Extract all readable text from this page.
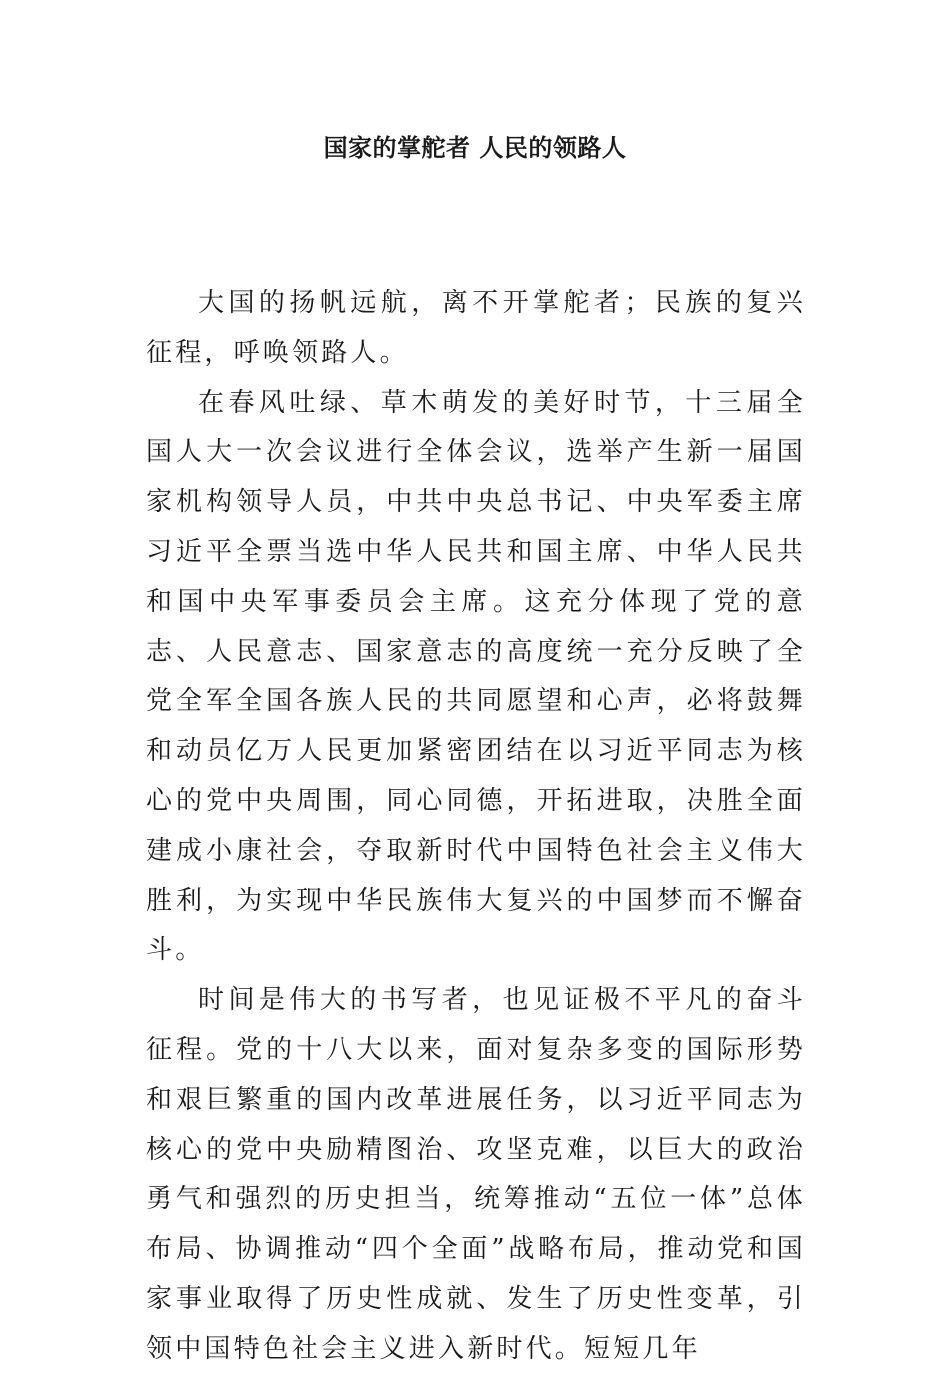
国家的掌舵者 人民的领路人

大国的扬帆远航，离不开掌舵者；民族的复兴征程，呼唤领路人。

在春风吐绿、草木萌发的美好时节，十三届全国人大一次会议进行全体会议，选举产生新一届国家机构领导人员，中共中央总书记、中央军委主席习近平全票当选中华人民共和国主席、中华人民共和国中央军事委员会主席。这充分体现了党的意志、人民意志、国家意志的高度统一充分反映了全党全军全国各族人民的共同愿望和心声，必将鼓舞和动员亿万人民更加紧密团结在以习近平同志为核心的党中央周围，同心同德，开拓进取，决胜全面建成小康社会，夺取新时代中国特色社会主义伟大胜利，为实现中华民族伟大复兴的中国梦而不懈奋斗。

时间是伟大的书写者，也见证极不平凡的奋斗征程。党的十八大以来，面对复杂多变的国际形势和艰巨繁重的国内改革进展任务，以习近平同志为核心的党中央励精图治、攻坚克难，以巨大的政治勇气和强烈的历史担当，统筹推动“五位一体”总体布局、协调推动“四个全面”战略布局，推动党和国家事业取得了历史性成就、发生了历史性变革，引领中国特色社会主义进入新时代。短短几年
